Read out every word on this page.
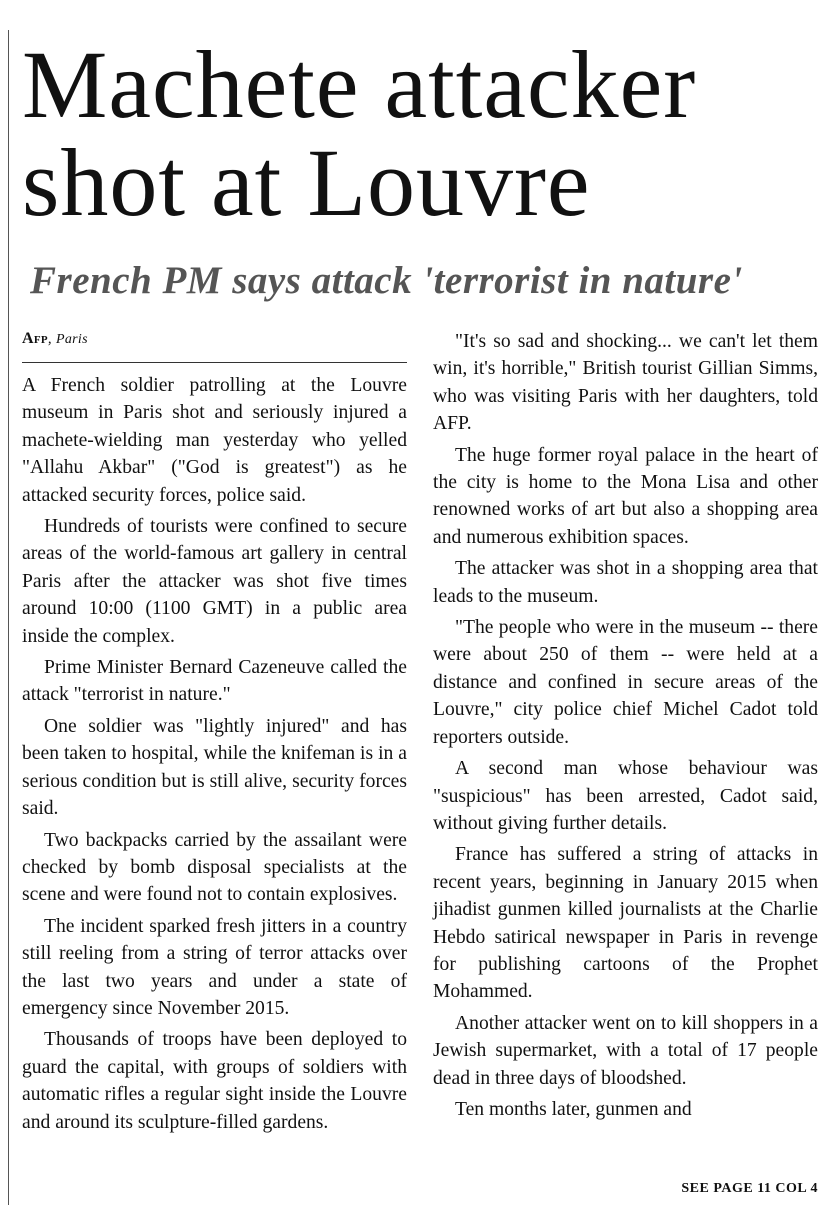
Machete attacker
shot at Louvre
French PM says attack 'terrorist in nature'
Afp, Paris

A French soldier patrolling at the Louvre museum in Paris shot and seriously injured a machete-wielding man yesterday who yelled "Allahu Akbar" ("God is greatest") as he attacked security forces, police said.

Hundreds of tourists were confined to secure areas of the world-famous art gallery in central Paris after the attacker was shot five times around 10:00 (1100 GMT) in a public area inside the complex.

Prime Minister Bernard Cazeneuve called the attack "terrorist in nature."

One soldier was "lightly injured" and has been taken to hospital, while the knifeman is in a serious condition but is still alive, security forces said.

Two backpacks carried by the assailant were checked by bomb disposal specialists at the scene and were found not to contain explosives.

The incident sparked fresh jitters in a country still reeling from a string of terror attacks over the last two years and under a state of emergency since November 2015.

Thousands of troops have been deployed to guard the capital, with groups of soldiers with automatic rifles a regular sight inside the Louvre and around its sculpture-filled gardens.

"It's so sad and shocking... we can't let them win, it's horrible," British tourist Gillian Simms, who was visiting Paris with her daughters, told AFP.

The huge former royal palace in the heart of the city is home to the Mona Lisa and other renowned works of art but also a shopping area and numerous exhibition spaces.

The attacker was shot in a shopping area that leads to the museum.

"The people who were in the museum -- there were about 250 of them -- were held at a distance and confined in secure areas of the Louvre," city police chief Michel Cadot told reporters outside.

A second man whose behaviour was "suspicious" has been arrested, Cadot said, without giving further details.

France has suffered a string of attacks in recent years, beginning in January 2015 when jihadist gunmen killed journalists at the Charlie Hebdo satirical newspaper in Paris in revenge for publishing cartoons of the Prophet Mohammed.

Another attacker went on to kill shoppers in a Jewish supermarket, with a total of 17 people dead in three days of bloodshed.

Ten months later, gunmen and

SEE PAGE 11 COL 4
